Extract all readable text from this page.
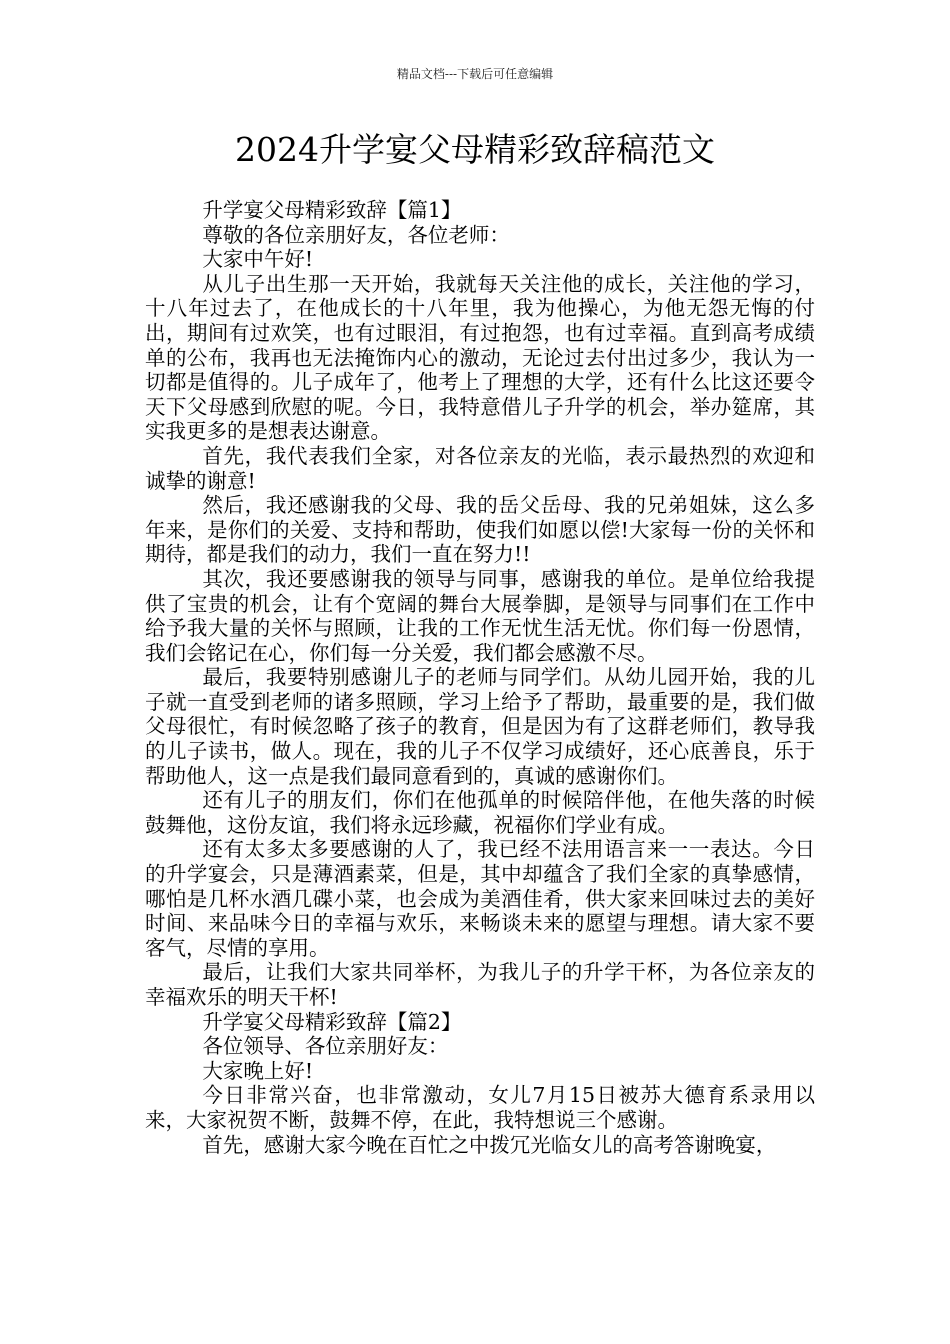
精品文档---下载后可任意编辑
2024升学宴父母精彩致辞稿范文

升学宴父母精彩致辞【篇1】

尊敬的各位亲朋好友，各位老师：

大家中午好!

从儿子出生那一天开始，我就每天关注他的成长，关注他的学习，十八年过去了，在他成长的十八年里，我为他操心，为他无怨无悔的付出，期间有过欢笑，也有过眼泪，有过抱怨，也有过幸福。直到高考成绩单的公布，我再也无法掩饰内心的激动，无论过去付出过多少，我认为一切都是值得的。儿子成年了，他考上了理想的大学，还有什么比这还要令天下父母感到欣慰的呢。今日，我特意借儿子升学的机会，举办筵席，其实我更多的是想表达谢意。

首先，我代表我们全家，对各位亲友的光临，表示最热烈的欢迎和诚挚的谢意!

然后，我还感谢我的父母、我的岳父岳母、我的兄弟姐妹，这么多年来，是你们的关爱、支持和帮助，使我们如愿以偿!大家每一份的关怀和期待，都是我们的动力，我们一直在努力!!

其次，我还要感谢我的领导与同事，感谢我的单位。是单位给我提供了宝贵的机会，让有个宽阔的舞台大展拳脚，是领导与同事们在工作中给予我大量的关怀与照顾，让我的工作无忧生活无忧。你们每一份恩情，我们会铭记在心，你们每一分关爱，我们都会感激不尽。

最后，我要特别感谢儿子的老师与同学们。从幼儿园开始，我的儿子就一直受到老师的诸多照顾，学习上给予了帮助，最重要的是，我们做父母很忙，有时候忽略了孩子的教育，但是因为有了这群老师们，教导我的儿子读书，做人。现在，我的儿子不仅学习成绩好，还心底善良，乐于帮助他人，这一点是我们最同意看到的，真诚的感谢你们。

还有儿子的朋友们，你们在他孤单的时候陪伴他，在他失落的时候鼓舞他，这份友谊，我们将永远珍藏，祝福你们学业有成。

还有太多太多要感谢的人了，我已经不法用语言来一一表达。今日的升学宴会，只是薄酒素菜，但是，其中却蕴含了我们全家的真挚感情，哪怕是几杯水酒几碟小菜，也会成为美酒佳肴，供大家来回味过去的美好时间、来品味今日的幸福与欢乐，来畅谈未来的愿望与理想。请大家不要客气，尽情的享用。

最后，让我们大家共同举杯，为我儿子的升学干杯，为各位亲友的幸福欢乐的明天干杯!

升学宴父母精彩致辞【篇2】

各位领导、各位亲朋好友：

大家晚上好!

今日非常兴奋，也非常激动，女儿7月15日被苏大德育系录用以来，大家祝贺不断，鼓舞不停，在此，我特想说三个感谢。

首先，感谢大家今晚在百忙之中拨冗光临女儿的高考答谢晚宴，
